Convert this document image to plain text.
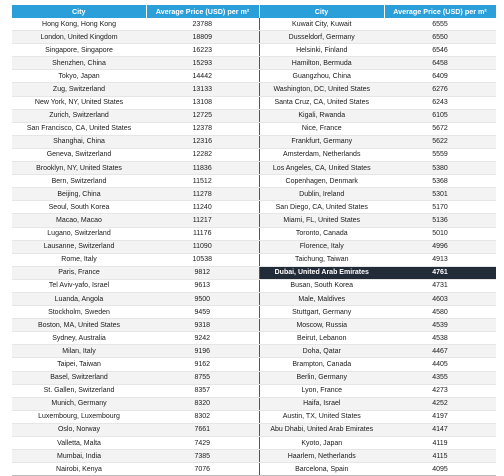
City	Average Price (USD) per m²	City	Average Price (USD) per m²
Hong Kong, Hong Kong	23788	Kuwait City, Kuwait	6555
London, United Kingdom	18809	Dusseldorf, Germany	6550
Singapore, Singapore	16223	Helsinki, Finland	6546
Shenzhen, China	15293	Hamilton, Bermuda	6458
Tokyo, Japan	14442	Guangzhou, China	6409
Zug, Switzerland	13133	Washington, DC, United States	6276
New York, NY, United States	13108	Santa Cruz, CA, United States	6243
Zurich, Switzerland	12725	Kigali, Rwanda	6105
San Francisco, CA, United States	12378	Nice, France	5672
Shanghai, China	12316	Frankfurt, Germany	5622
Geneva, Switzerland	12282	Amsterdam, Netherlands	5559
Brooklyn, NY, United States	11836	Los Angeles, CA, United States	5380
Bern, Switzerland	11512	Copenhagen, Denmark	5368
Beijing, China	11278	Dublin, Ireland	5301
Seoul, South Korea	11240	San Diego, CA, United States	5170
Macao, Macao	11217	Miami, FL, United States	5136
Lugano, Switzerland	11176	Toronto, Canada	5010
Lausanne, Switzerland	11090	Florence, Italy	4996
Rome, Italy	10538	Taichung, Taiwan	4913
Paris, France	9812	Dubai, United Arab Emirates	4761
Tel Aviv-yafo, Israel	9613	Busan, South Korea	4731
Luanda, Angola	9500	Male, Maldives	4603
Stockholm, Sweden	9459	Stuttgart, Germany	4580
Boston, MA, United States	9318	Moscow, Russia	4539
Sydney, Australia	9242	Beirut, Lebanon	4538
Milan, Italy	9196	Doha, Qatar	4467
Taipei, Taiwan	9162	Brampton, Canada	4405
Basel, Switzerland	8755	Berlin, Germany	4355
St. Gallen, Switzerland	8357	Lyon, France	4273
Munich, Germany	8320	Haifa, Israel	4252
Luxembourg, Luxembourg	8302	Austin, TX, United States	4197
Oslo, Norway	7661	Abu Dhabi, United Arab Emirates	4147
Valletta, Malta	7429	Kyoto, Japan	4119
Mumbai, India	7385	Haarlem, Netherlands	4115
Nairobi, Kenya	7076	Barcelona, Spain	4095
